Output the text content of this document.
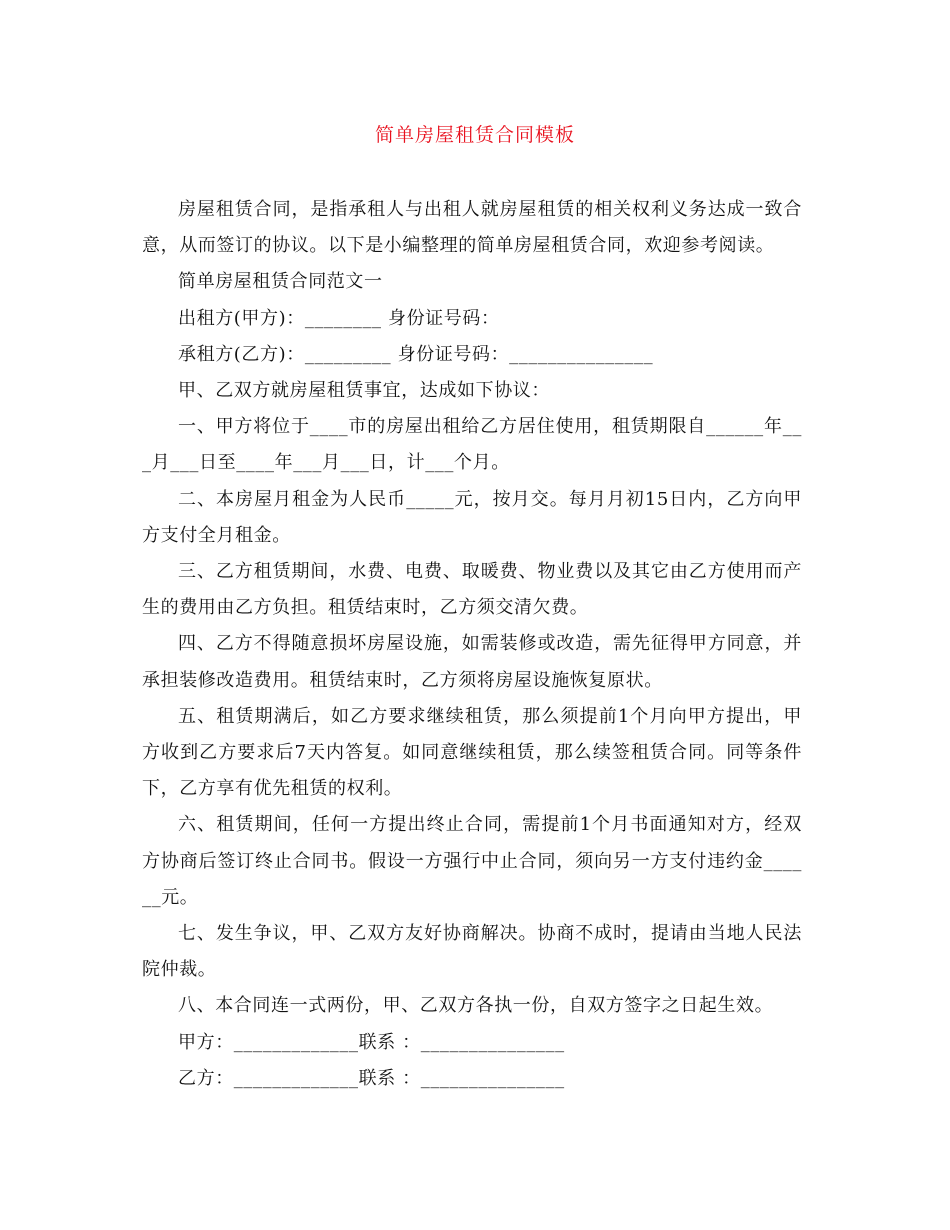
简单房屋租赁合同模板

房屋租赁合同，是指承租人与出租人就房屋租赁的相关权利义务达成一致合意，从而签订的协议。以下是小编整理的简单房屋租赁合同，欢迎参考阅读。

简单房屋租赁合同范文一

出租方(甲方)：________ 身份证号码：

承租方(乙方)：_________ 身份证号码：_______________

甲、乙双方就房屋租赁事宜，达成如下协议：

一、甲方将位于____市的房屋出租给乙方居住使用，租赁期限自______年___月___日至____年___月___日，计___个月。

二、本房屋月租金为人民币_____元，按月交。每月月初15日内，乙方向甲方支付全月租金。

三、乙方租赁期间，水费、电费、取暖费、物业费以及其它由乙方使用而产生的费用由乙方负担。租赁结束时，乙方须交清欠费。

四、乙方不得随意损坏房屋设施，如需装修或改造，需先征得甲方同意，并承担装修改造费用。租赁结束时，乙方须将房屋设施恢复原状。

五、租赁期满后，如乙方要求继续租赁，那么须提前1个月向甲方提出，甲方收到乙方要求后7天内答复。如同意继续租赁，那么续签租赁合同。同等条件下，乙方享有优先租赁的权利。

六、租赁期间，任何一方提出终止合同，需提前1个月书面通知对方，经双方协商后签订终止合同书。假设一方强行中止合同，须向另一方支付违约金______元。

七、发生争议，甲、乙双方友好协商解决。协商不成时，提请由当地人民法院仲裁。

八、本合同连一式两份，甲、乙双方各执一份，自双方签字之日起生效。

甲方：_____________联系 ：_______________

乙方：_____________联系 ：_______________
